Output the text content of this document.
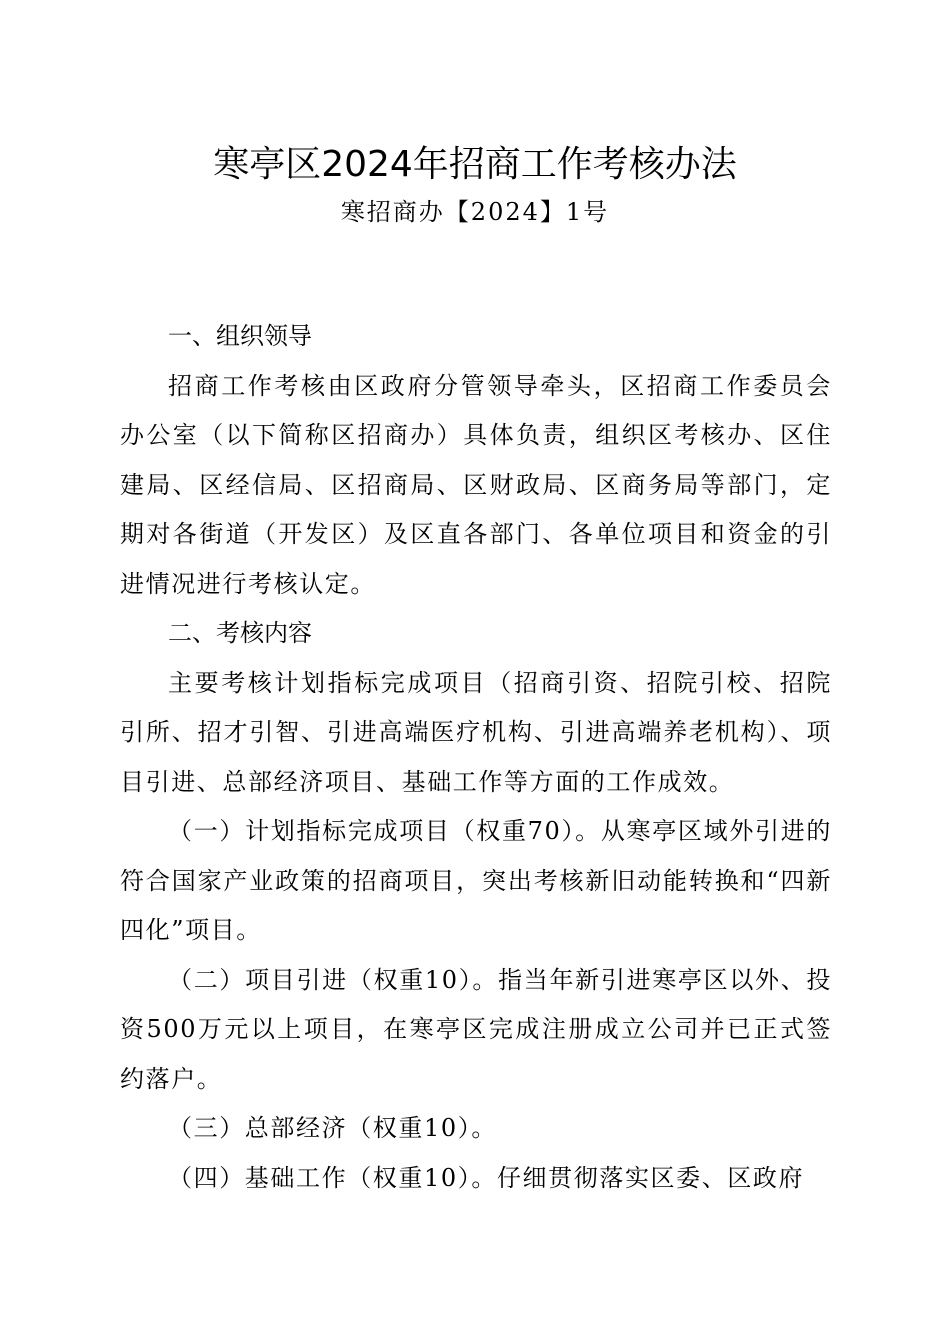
寒亭区2024年招商工作考核办法
寒招商办【2024】1号
一、组织领导

招商工作考核由区政府分管领导牵头，区招商工作委员会办公室（以下简称区招商办）具体负责，组织区考核办、区住建局、区经信局、区招商局、区财政局、区商务局等部门，定期对各街道（开发区）及区直各部门、各单位项目和资金的引进情况进行考核认定。

二、考核内容

主要考核计划指标完成项目（招商引资、招院引校、招院引所、招才引智、引进高端医疗机构、引进高端养老机构）、项目引进、总部经济项目、基础工作等方面的工作成效。

（一）计划指标完成项目（权重70）。从寒亭区域外引进的符合国家产业政策的招商项目，突出考核新旧动能转换和“四新四化”项目。

（二）项目引进（权重10）。指当年新引进寒亭区以外、投资500万元以上项目，在寒亭区完成注册成立公司并已正式签约落户。

（三）总部经济（权重10）。

（四）基础工作（权重10）。仔细贯彻落实区委、区政府
